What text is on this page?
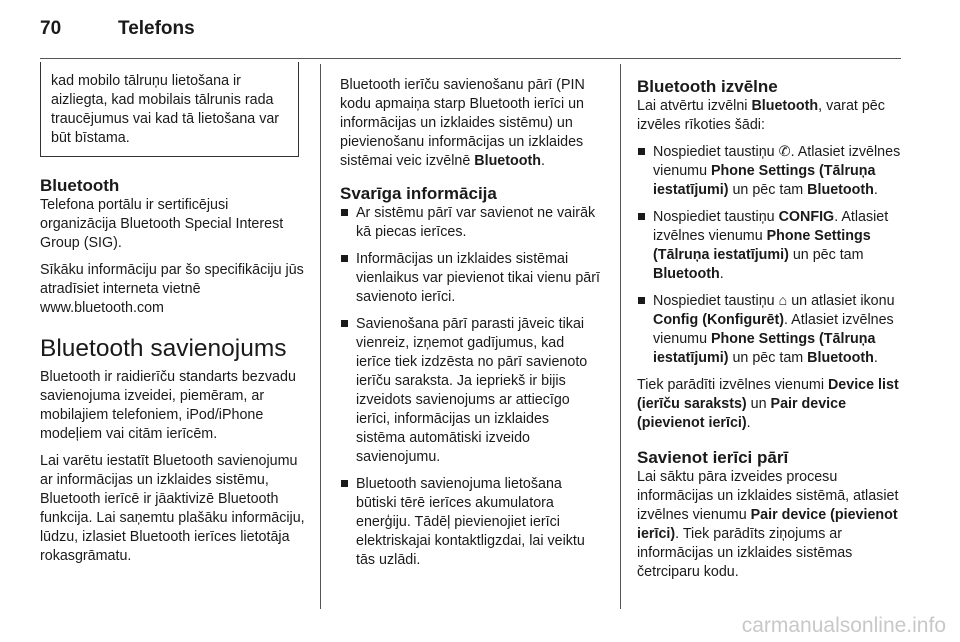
70	Telefons
kad mobilo tālruņu lietošana ir aizliegta, kad mobilais tālrunis rada traucējumus vai kad tā lietošana var būt bīstama.
Bluetooth

Telefona portālu ir sertificējusi organizācija Bluetooth Special Interest Group (SIG).

Sīkāku informāciju par šo specifikāciju jūs atradīsiet interneta vietnē www.bluetooth.com

Bluetooth savienojums

Bluetooth ir raidierīču standarts bezvadu savienojuma izveidei, piemēram, ar mobilajiem telefoniem, iPod/iPhone modeļiem vai citām ierīcēm.

Lai varētu iestatīt Bluetooth savienojumu ar informācijas un izklaides sistēmu, Bluetooth ierīcē ir jāaktivizē Bluetooth funkcija. Lai saņemtu plašāku informāciju, lūdzu, izlasiet Bluetooth ierīces lietotāja rokasgrāmatu.

Bluetooth ierīču savienošanu pārī (PIN kodu apmaiņa starp Bluetooth ierīci un informācijas un izklaides sistēmu) un pievienošanu informācijas un izklaides sistēmai veic izvēlnē Bluetooth.

Svarīga informācija
Ar sistēmu pārī var savienot ne vairāk kā piecas ierīces.
Informācijas un izklaides sistēmai vienlaikus var pievienot tikai vienu pārī savienoto ierīci.
Savienošana pārī parasti jāveic tikai vienreiz, izņemot gadījumus, kad ierīce tiek izdzēsta no pārī savienoto ierīču saraksta. Ja iepriekš ir bijis izveidots savienojums ar attiecīgo ierīci, informācijas un izklaides sistēma automātiski izveido savienojumu.
Bluetooth savienojuma lietošana būtiski tērē ierīces akumulatora enerģiju. Tādēļ pievienojiet ierīci elektriskajai kontaktligzdai, lai veiktu tās uzlādi.
Bluetooth izvēlne

Lai atvērtu izvēlni Bluetooth, varat pēc izvēles rīkoties šādi:

Nospiediet taustiņu ✆. Atlasiet izvēlnes vienumu Phone Settings (Tālruņa iestatījumi) un pēc tam Bluetooth.
Nospiediet taustiņu CONFIG. Atlasiet izvēlnes vienumu Phone Settings (Tālruņa iestatījumi) un pēc tam Bluetooth.
Nospiediet taustiņu ⌂ un atlasiet ikonu Config (Konfigurēt). Atlasiet izvēlnes vienumu Phone Settings (Tālruņa iestatījumi) un pēc tam Bluetooth.

Tiek parādīti izvēlnes vienumi Device list (ierīču saraksts) un Pair device (pievienot ierīci).

Savienot ierīci pārī

Lai sāktu pāra izveides procesu informācijas un izklaides sistēmā, atlasiet izvēlnes vienumu Pair device (pievienot ierīci). Tiek parādīts ziņojums ar informācijas un izklaides sistēmas četrciparu kodu.

carmanualsonline.info
